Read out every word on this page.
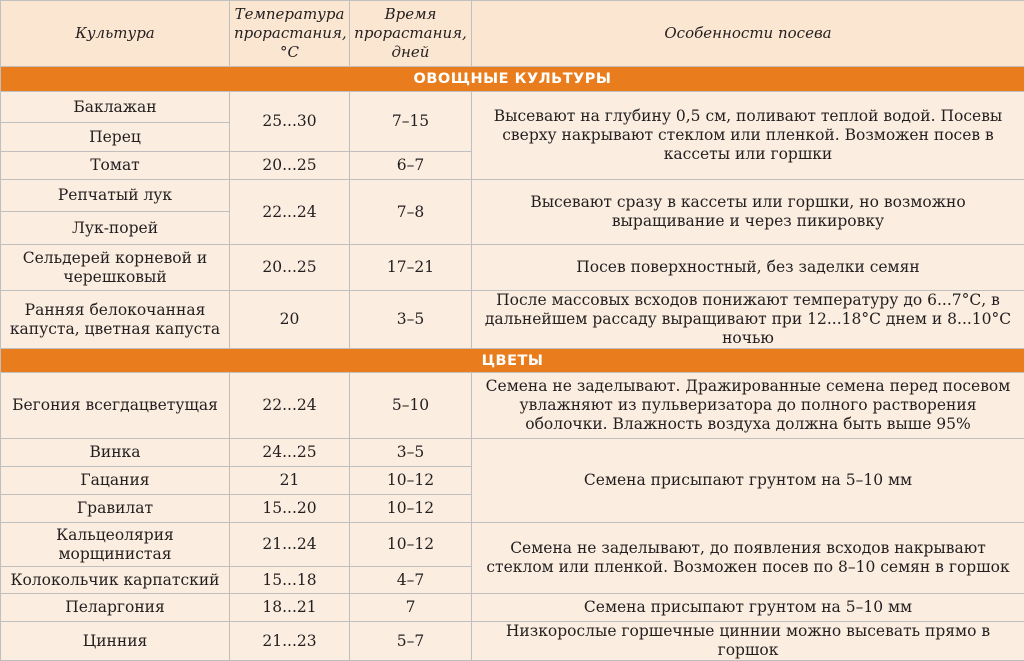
Культура	Температура прорастания, °С	Время прорастания, дней	Особенности посева
ОВОЩНЫЕ КУЛЬТУРЫ			
Баклажан	25...30	7–15	Высевают на глубину 0,5 см, поливают теплой водой. Посевы сверху накрывают стеклом или пленкой. Возможен посев в кассеты или горшки
Перец			
Томат	20...25	6–7	
Репчатый лук	22...24	7–8	Высевают сразу в кассеты или горшки, но возможно выращивание и через пикировку
Лук-порей			
Сельдерей корневой и черешковый	20...25	17–21	Посев поверхностный, без заделки семян
Ранняя белокочанная капуста, цветная капуста	20	3–5	После массовых всходов понижают температуру до 6...7°С, в дальнейшем рассаду выращивают при 12...18°С днем и 8...10°С ночью
ЦВЕТЫ			
Бегония всегдацветущая	22...24	5–10	Семена не заделывают. Дражированные семена перед посевом увлажняют из пульверизатора до полного растворения оболочки. Влажность воздуха должна быть выше 95%
Винка	24...25	3–5	Семена присыпают грунтом на 5–10 мм
Гацания	21	10–12	
Гравилат	15...20	10–12	
Кальцеолярия морщинистая	21...24	10–12	Семена не заделывают, до появления всходов накрывают стеклом или пленкой. Возможен посев по 8–10 семян в горшок
Колокольчик карпатский	15...18	4–7	
Пеларгония	18...21	7	Семена присыпают грунтом на 5–10 мм
Цинния	21...23	5–7	Низкорослые горшечные циннии можно высевать прямо в горшок
